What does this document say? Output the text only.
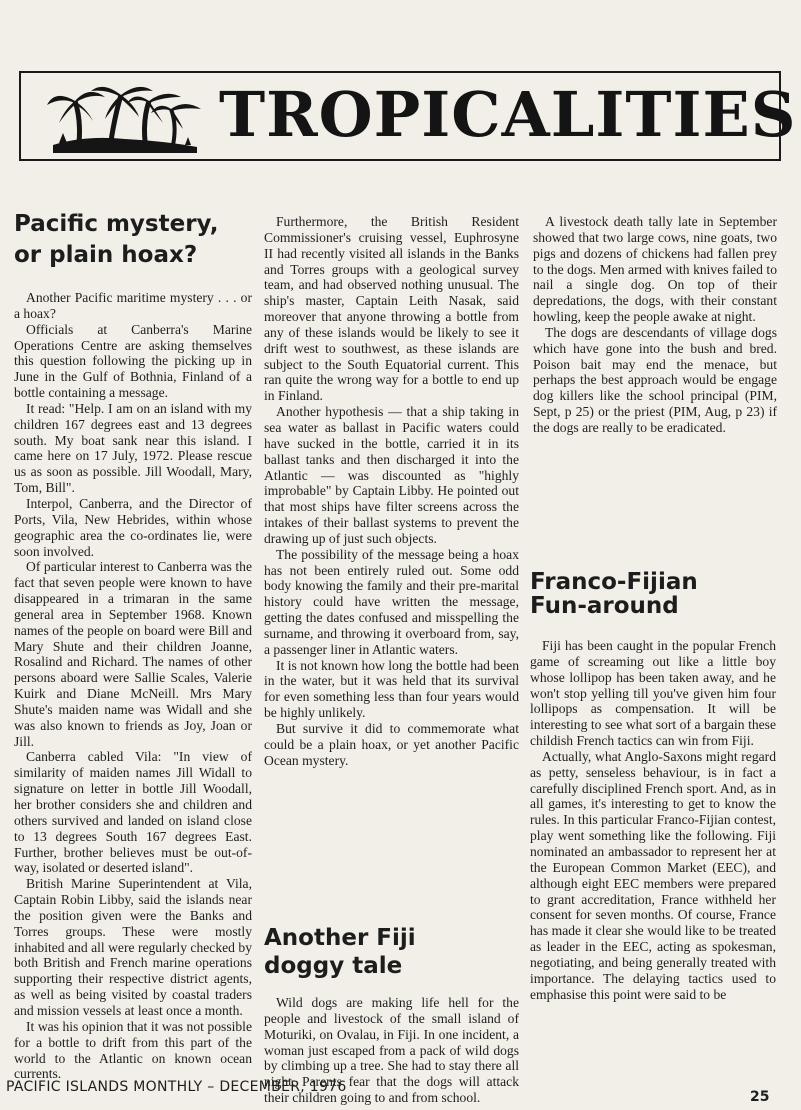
TROPICALITIES
Pacific mystery,
or plain hoax?

Another Pacific maritime mystery . . . or a hoax?

Officials at Canberra's Marine Operations Centre are asking themselves this question following the picking up in June in the Gulf of Bothnia, Finland of a bottle containing a message.

It read: "Help. I am on an island with my children 167 degrees east and 13 degrees south. My boat sank near this island. I came here on 17 July, 1972. Please rescue us as soon as possible. Jill Woodall, Mary, Tom, Bill".

Interpol, Canberra, and the Director of Ports, Vila, New Hebrides, within whose geographic area the co-ordinates lie, were soon involved.

Of particular interest to Canberra was the fact that seven people were known to have disappeared in a trimaran in the same general area in September 1968. Known names of the people on board were Bill and Mary Shute and their children Joanne, Rosalind and Richard. The names of other persons aboard were Sallie Scales, Valerie Kuirk and Diane McNeill. Mrs Mary Shute's maiden name was Widall and she was also known to friends as Joy, Joan or Jill.

Canberra cabled Vila: "In view of similarity of maiden names Jill Widall to signature on letter in bottle Jill Woodall, her brother considers she and children and others survived and landed on island close to 13 degrees South 167 degrees East. Further, brother believes must be out-of-way, isolated or deserted island".

British Marine Superintendent at Vila, Captain Robin Libby, said the islands near the position given were the Banks and Torres groups. These were mostly inhabited and all were regularly checked by both British and French marine operations supporting their respective district agents, as well as being visited by coastal traders and mission vessels at least once a month.

It was his opinion that it was not possible for a bottle to drift from this part of the world to the Atlantic on known ocean currents.

Furthermore, the British Resident Commissioner's cruising vessel, Euphrosyne II had recently visited all islands in the Banks and Torres groups with a geological survey team, and had observed nothing unusual. The ship's master, Captain Leith Nasak, said moreover that anyone throwing a bottle from any of these islands would be likely to see it drift west to southwest, as these islands are subject to the South Equatorial current. This ran quite the wrong way for a bottle to end up in Finland.

Another hypothesis — that a ship taking in sea water as ballast in Pacific waters could have sucked in the bottle, carried it in its ballast tanks and then discharged it into the Atlantic — was discounted as "highly improbable" by Captain Libby. He pointed out that most ships have filter screens across the intakes of their ballast systems to prevent the drawing up of just such objects.

The possibility of the message being a hoax has not been entirely ruled out. Some odd body knowing the family and their pre-marital history could have written the message, getting the dates confused and misspelling the surname, and throwing it overboard from, say, a passenger liner in Atlantic waters.

It is not known how long the bottle had been in the water, but it was held that its survival for even something less than four years would be highly unlikely.

But survive it did to commemorate what could be a plain hoax, or yet another Pacific Ocean mystery.

Another Fiji
doggy tale

Wild dogs are making life hell for the people and livestock of the small island of Moturiki, on Ovalau, in Fiji. In one incident, a woman just escaped from a pack of wild dogs by climbing up a tree. She had to stay there all night. Parents fear that the dogs will attack their children going to and from school.

A livestock death tally late in September showed that two large cows, nine goats, two pigs and dozens of chickens had fallen prey to the dogs. Men armed with knives failed to nail a single dog. On top of their depredations, the dogs, with their constant howling, keep the people awake at night.

The dogs are descendants of village dogs which have gone into the bush and bred. Poison bait may end the menace, but perhaps the best approach would be engage dog killers like the school principal (PIM, Sept, p 25) or the priest (PIM, Aug, p 23) if the dogs are really to be eradicated.

Franco-Fijian
Fun-around

Fiji has been caught in the popular French game of screaming out like a little boy whose lollipop has been taken away, and he won't stop yelling till you've given him four lollipops as compensation. It will be interesting to see what sort of a bargain these childish French tactics can win from Fiji.

Actually, what Anglo-Saxons might regard as petty, senseless behaviour, is in fact a carefully disciplined French sport. And, as in all games, it's interesting to get to know the rules. In this particular Franco-Fijian contest, play went something like the following. Fiji nominated an ambassador to represent her at the European Common Market (EEC), and although eight EEC members were prepared to grant accreditation, France withheld her consent for seven months. Of course, France has made it clear she would like to be treated as leader in the EEC, acting as spokesman, negotiating, and being generally treated with importance. The delaying tactics used to emphasise this point were said to be

PACIFIC ISLANDS MONTHLY – DECEMBER, 1976
25
